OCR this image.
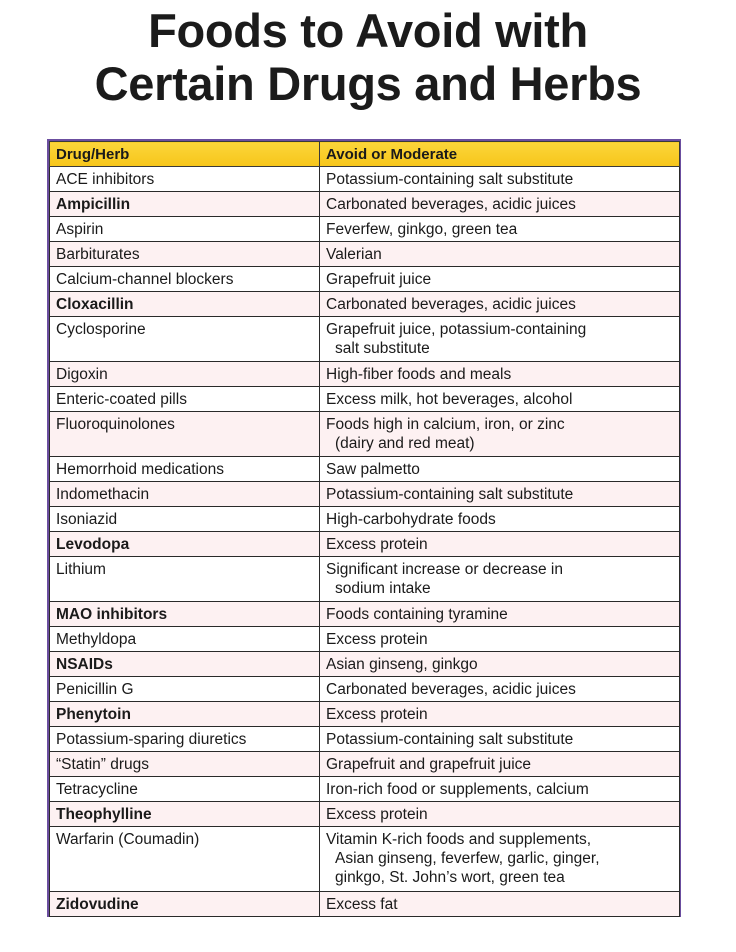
Foods to Avoid with
Certain Drugs and Herbs
Drug/Herb	Avoid or Moderate
ACE inhibitors	Potassium-containing salt substitute

Ampicillin	Carbonated beverages, acidic juices

Aspirin	Feverfew, ginkgo, green tea

Barbiturates	Valerian

Calcium-channel blockers	Grapefruit juice

Cloxacillin	Carbonated beverages, acidic juices

Cyclosporine	Grapefruit juice, potassium-containing
salt substitute

Digoxin	High-fiber foods and meals

Enteric-coated pills	Excess milk, hot beverages, alcohol

Fluoroquinolones	Foods high in calcium, iron, or zinc
(dairy and red meat)

Hemorrhoid medications	Saw palmetto

Indomethacin	Potassium-containing salt substitute

Isoniazid	High-carbohydrate foods

Levodopa	Excess protein

Lithium	Significant increase or decrease in
sodium intake

MAO inhibitors	Foods containing tyramine

Methyldopa	Excess protein

NSAIDs	Asian ginseng, ginkgo

Penicillin G	Carbonated beverages, acidic juices

Phenytoin	Excess protein

Potassium-sparing diuretics	Potassium-containing salt substitute

“Statin” drugs	Grapefruit and grapefruit juice

Tetracycline	Iron-rich food or supplements, calcium

Theophylline	Excess protein

Warfarin (Coumadin)	Vitamin K-rich foods and supplements,
Asian ginseng, feverfew, garlic, ginger,
ginkgo, St. John’s wort, green tea

Zidovudine	Excess fat
